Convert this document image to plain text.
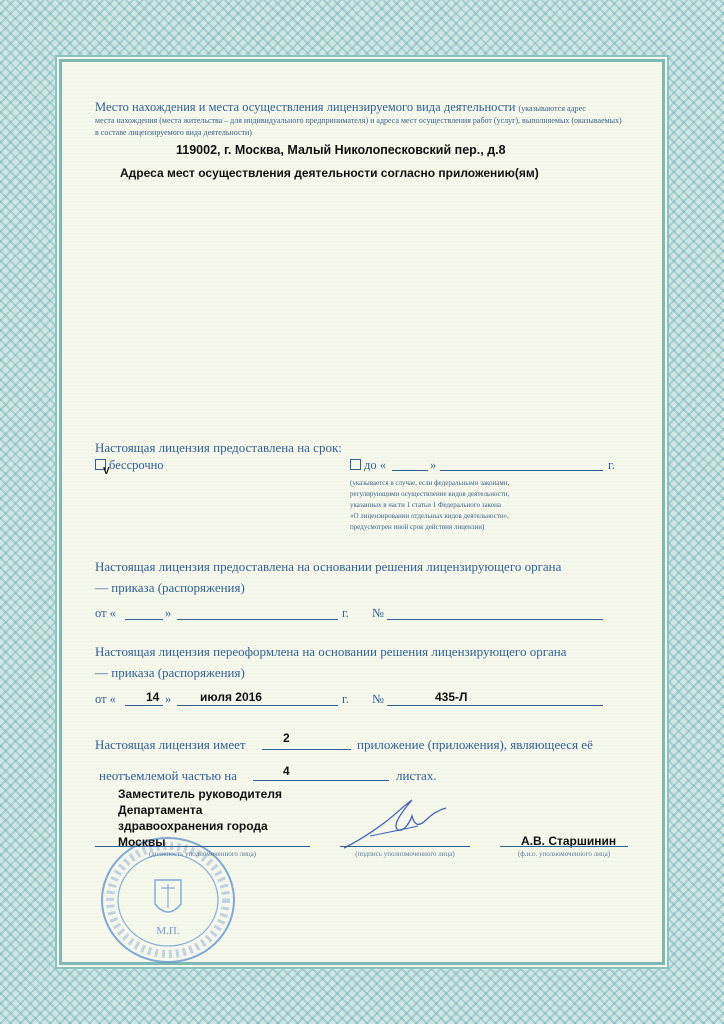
Место нахождения и места осуществления лицензируемого вида деятельности (указываются адрес
места нахождения (места жительства – для индивидуального предпринимателя) и адреса мест осуществления работ (услуг), выполняемых (оказываемых)
в составе лицензируемого вида деятельности)
119002, г. Москва, Малый Николопесковский пер., д.8
Адреса мест осуществления деятельности согласно приложению(ям)
Настоящая лицензия предоставлена на срок:
бессрочно
V	до «	»	г.
(указывается в случае, если федеральными законами,
регулирующими осуществление видов деятельности,
указанных в части 1 статьи 1 Федерального закона
«О лицензировании отдельных видов деятельности»,
предусмотрен иной срок действия лицензии)
Настоящая лицензия предоставлена на основании решения лицензирующего органа
— приказа (распоряжения)
от «	»	г. №
Настоящая лицензия переоформлена на основании решения лицензирующего органа
— приказа (распоряжения)
от «	14 » июля 2016	г. №	435-Л
Настоящая лицензия имеет	2	приложение (приложения), являющееся её
неотъемлемой частью на	4	листах.
М.П.
Заместитель руководителя
Департамента
здравоохранения города
Москвы
(должность уполномоченного лица)	(подпись уполномоченного лица)
А.В. Старшинин
(ф.и.о. уполномоченного лица)
